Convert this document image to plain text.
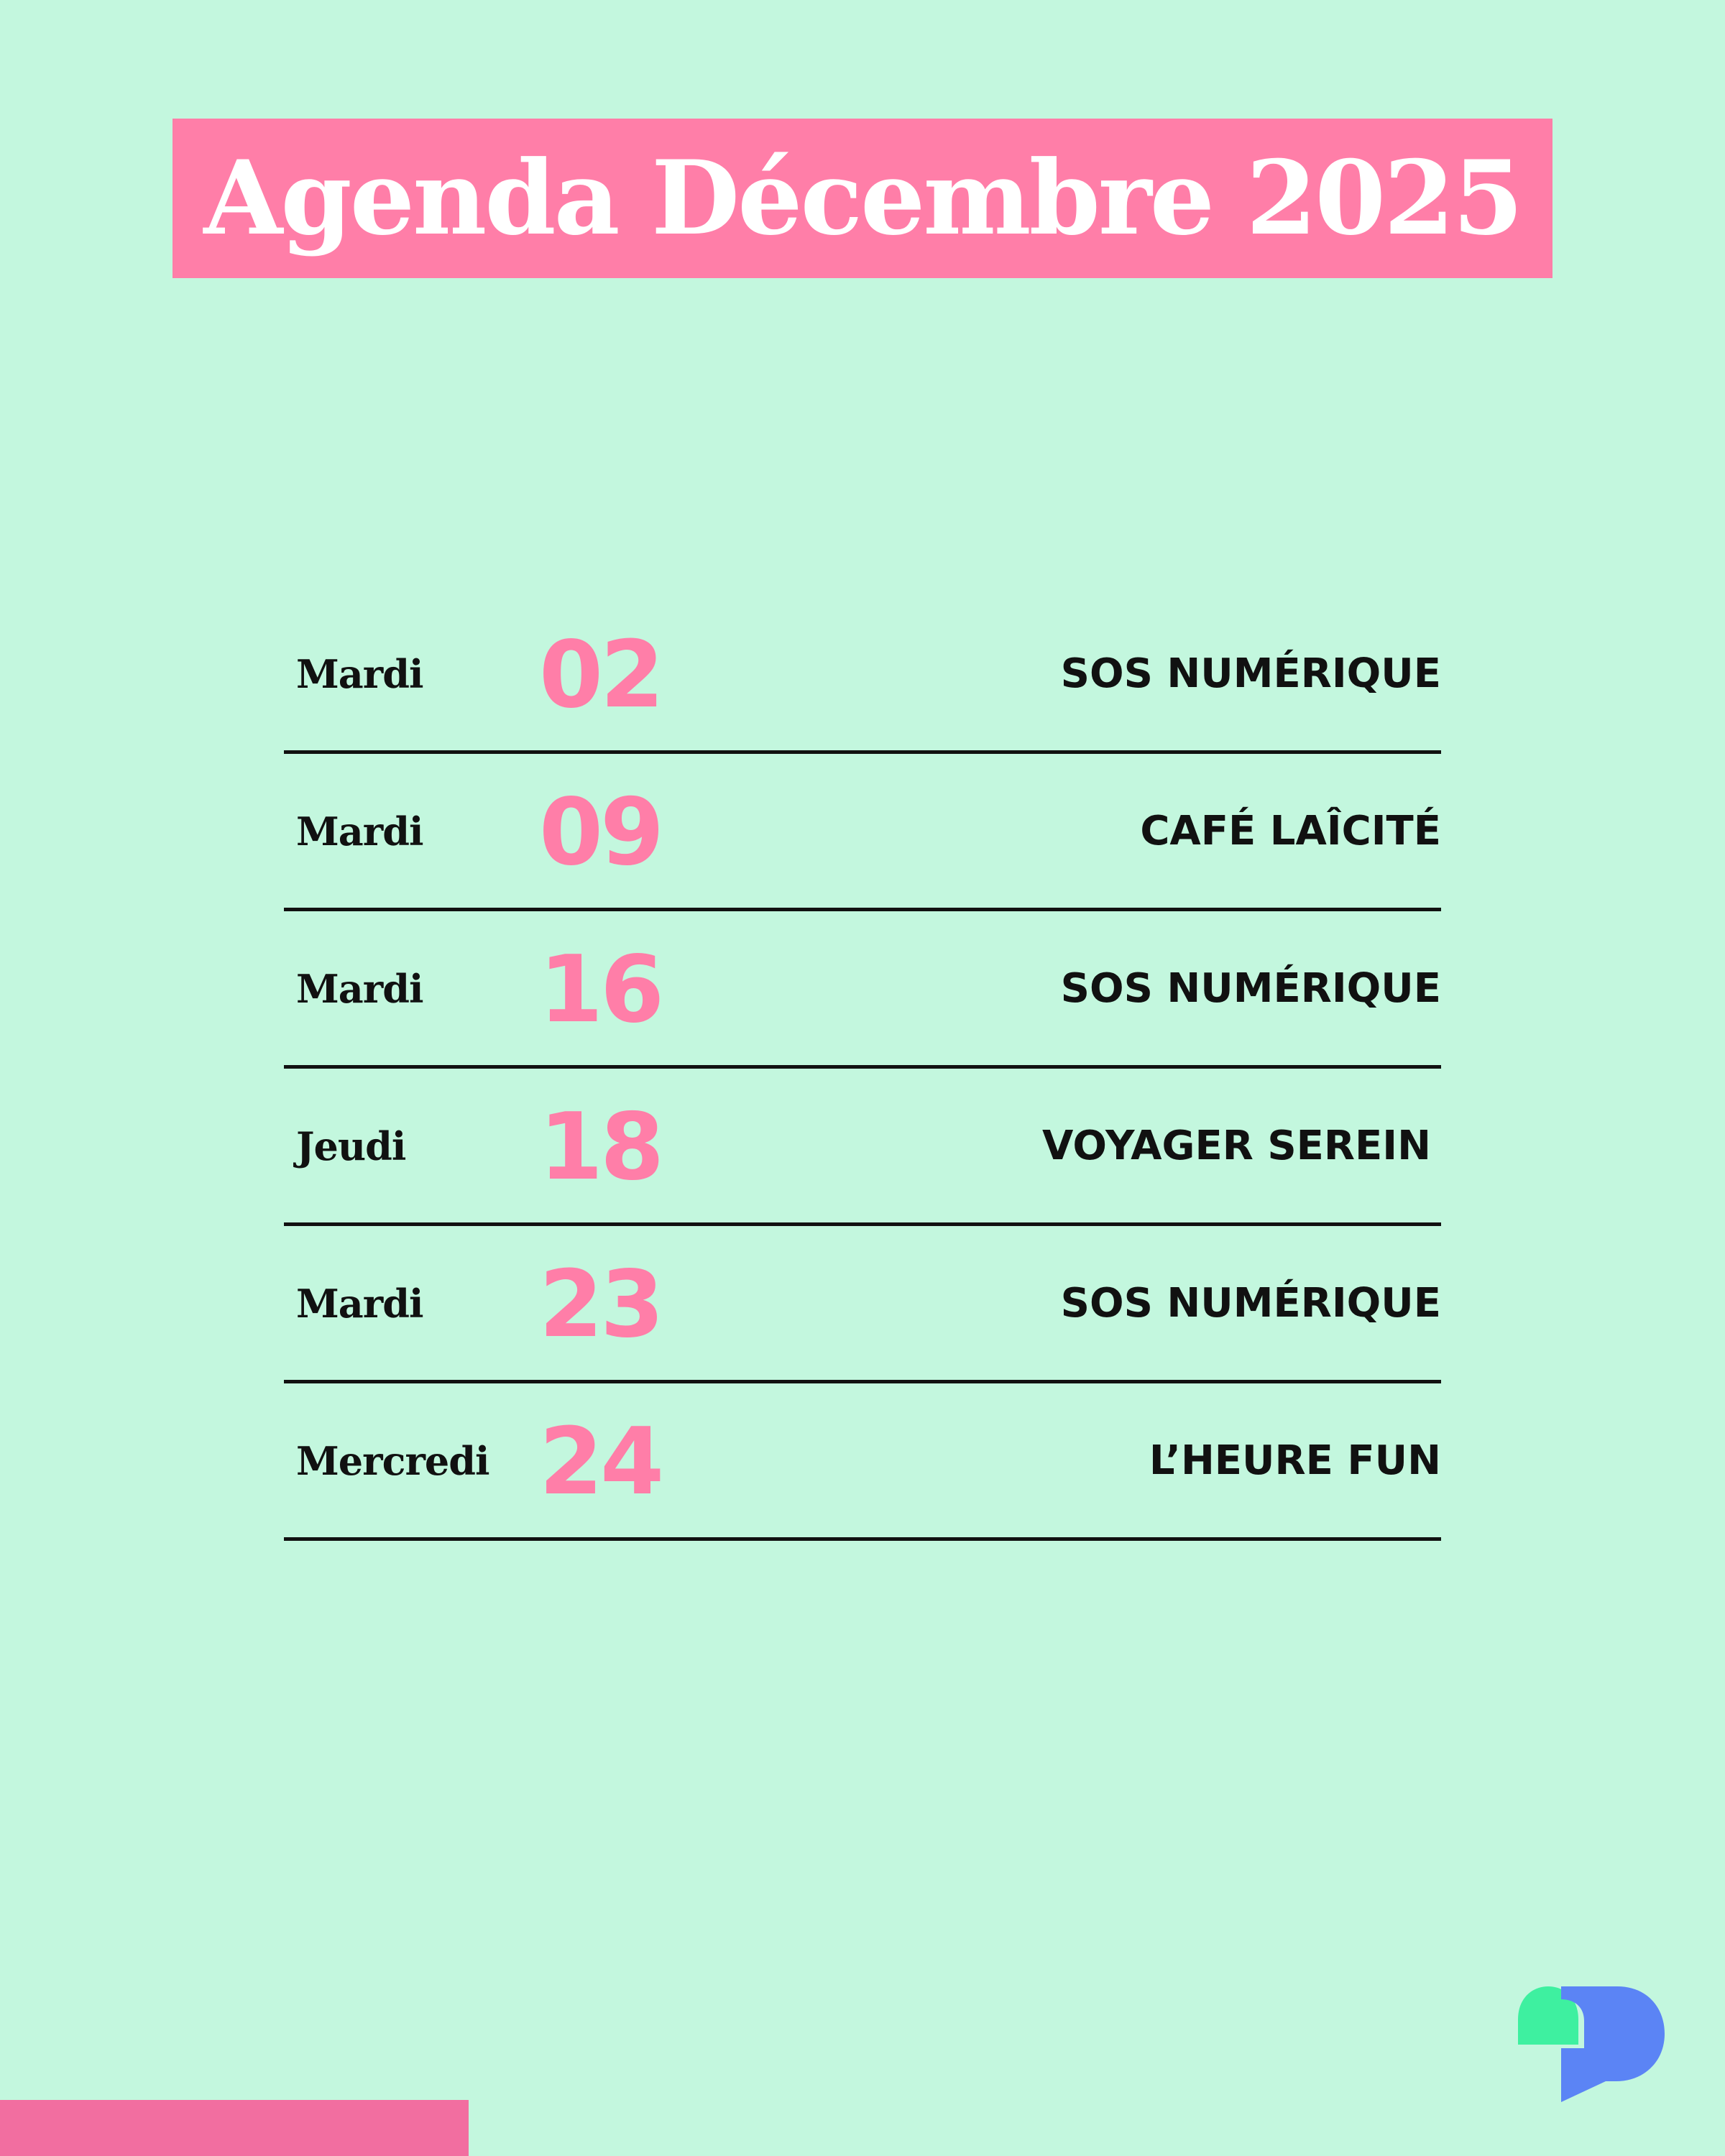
Agenda Décembre 2025
Mardi 02	SOS NUMÉRIQUE
Mardi 09	CAFÉ LAÎCITÉ
Mardi 16	SOS NUMÉRIQUE
Jeudi 18	VOYAGER SEREIN
Mardi 23	SOS NUMÉRIQUE
Mercredi 24	L’HEURE FUN
